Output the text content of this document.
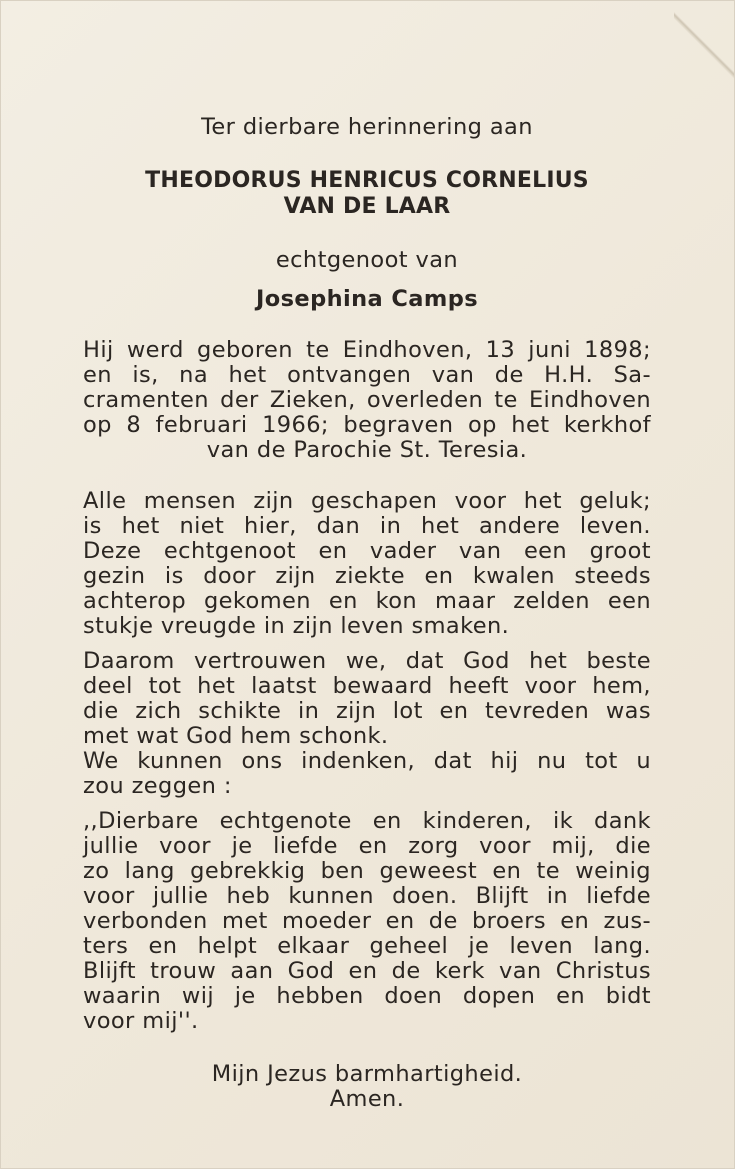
Ter dierbare herinnering aan
THEODORUS HENRICUS CORNELIUS
VAN DE LAAR
echtgenoot van
Josephina Camps
Hij werd geboren te Eindhoven, 13 juni 1898;
en is, na het ontvangen van de H.H. Sa-
cramenten der Zieken, overleden te Eindhoven
op 8 februari 1966; begraven op het kerkhof
van de Parochie St. Teresia.
Alle mensen zijn geschapen voor het geluk;
is het niet hier, dan in het andere leven.
Deze echtgenoot en vader van een groot
gezin is door zijn ziekte en kwalen steeds
achterop gekomen en kon maar zelden een
stukje vreugde in zijn leven smaken.
Daarom vertrouwen we, dat God het beste
deel tot het laatst bewaard heeft voor hem,
die zich schikte in zijn lot en tevreden was
met wat God hem schonk.
We kunnen ons indenken, dat hij nu tot u
zou zeggen :
,,Dierbare echtgenote en kinderen, ik dank
jullie voor je liefde en zorg voor mij, die
zo lang gebrekkig ben geweest en te weinig
voor jullie heb kunnen doen. Blijft in liefde
verbonden met moeder en de broers en zus-
ters en helpt elkaar geheel je leven lang.
Blijft trouw aan God en de kerk van Christus
waarin wij je hebben doen dopen en bidt
voor mij''.
Mijn Jezus barmhartigheid.
Amen.
